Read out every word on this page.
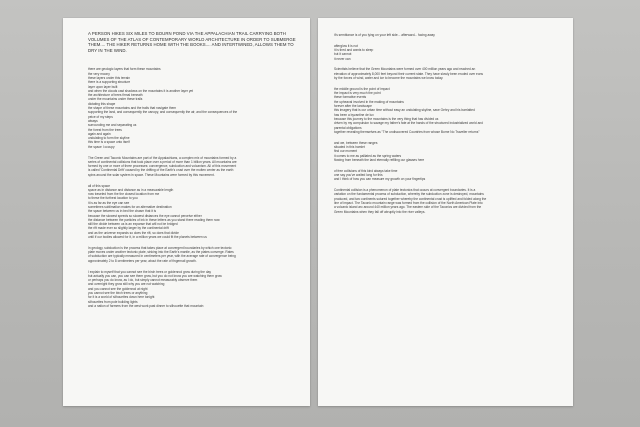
A PERSON HIKES SIX MILES TO BOURN POND VIA THE APPALACHIAN TRAIL CARRYING BOTH VOLUMES OF THE ATLAS OF CONTEMPORARY WORLD ARCHITECTURE IN ORDER TO SUBMERGE THEM.... THE HIKER RETURNS HOME WITH THE BOOKS.... AND INTERTWINED, ALLOWS THEM TO DRY IN THE WIND.
there are geologic layers that form these mountains
the very moony
these layers under this terrain
there is a supporting structure
layer upon layer built
and when the clouds cast shadows on the mountains it is another layer yet
the architecture of trees firmal beneath
under the mountains under these trails
dictating this shape
the shape of these mountains and the trails that navigate them
supporting the land, and consequently the canopy, and consequently the air, and the consequences of the
peice of my steps
always
surrounding me and separating us
the forest from the trees
again and again
undulating to form the skyline
this time is a space unto itself
the space I occupy
The Green and Taconic Mountains are part of the Appalachians, a complex mix of mountains formed by a
series of continental collisions that took place over a period of more than 1 billion years. All mountains are
formed by one or more of three processes: convergence, subduction and volcanism. All of this movement
is called 'Continental Drift' caused by the drifting of the Earth's crust over the molten center as the earth
spins around the solar system in space. These Mountains were formed by this movement.
all of this space
space as in distance and distance as in a measurable length
now traveled from the the closest location from me
to these the furthest location to you
it is as far as the eye can see
sometimes sublimation makes for an alternative destination
the space between us in bed the chasm that it is
because the slowest speeds so slowest distances the eye cannot perceive either
the distance between the particles of ink in these letters as you stand there reading them now
still the divide between us is an expanse that will not be bridged
the rift made ever so slightly larger by the continental drift
and as the universe expands so does the rift, so does that divide
until if our bodies allowed for it, in a million years we could fit the planets between us
In geology, subduction is the process that takes place at convergent boundaries by which one tectonic
plate moves under another tectonic plate, sinking into the Earth's mantle, as the plates converge. Rates
of subduction are typically measured in centimeters per year, with the average rate of convergence being
approximately 2 to 8 centimeters per year, about the rate of fingernail growth.
I explain to myself that you cannot see the birch trees or goldenrod grow during the day
but actually you can, you can see them grow, but you do not know you are watching them grow
or perhaps you do know, as I do, but simply cannot measurably observe them
and overnight they grow still why you are not watching
and you cannot see the goldenrod at night
you cannot see the birch trees or anything
for it is a world of silhouettes down here tonight
silhouettes from pole building lights
and a nation of farmers from the west work past dinner to silhouette that mountain
it's semblance is of you lying on your left side... afterward... facing away
afterglow it is not
it is tired and wants to sleep
but it cannot
it never can
Scientists believe that the Green Mountains were formed over 400 million years ago and reached an
elevation of approximately 8,000 feet beyond their current state. They have slowly been eroded over eons
by the forces of wind, water and ice to become the mountains we know today.
the middle ground is the point of impact
the impact is very much the point
these formative events
the upheaval involved in the making of mountains
forever after the landscape
this imagery that is our urban time without easy an undulating skyline, save Gehry and his barrlatted
has been a byzantine de lux
because this journey to the mountains is the very thing that has divided us
driven by my compulsion to savage my father's fate at the hands of the structured industrialized world and
parental obligations
together revealing themselves as "The undiscovered Countries from whose Borne No Traveller returns"
and we, between these ranges
situated in this hamlet
find our moment
it comes to me as palliated as the spring waters
flowing from beneath the land eternally refilling our glasses here
of free collisions of this kind always take time
one say you've waited long for this
and I think of how you can measure my growth on your fingertips
Continental collision is a phenomenon of plate tectonics that occurs at convergent boundaries. It is a
variation on the fundamental process of subduction, whereby the subduction zone is destroyed, mountains
produced, and two continents sutured together whereby the continental crust is uplifted and folded along the
line of impact. The Taconic mountain range was formed from the collision of the North American Plate into
a volcanic island arc around 440 million years ago. The eastern side of the Taconics are divided from the
Green Mountains when they fall off abruptly into the river valleys.
